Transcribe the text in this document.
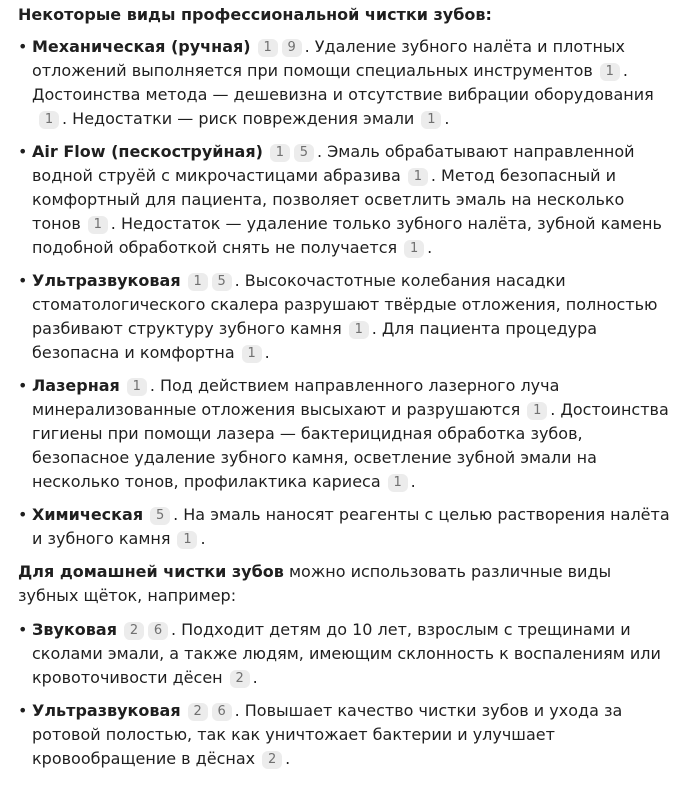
Некоторые виды профессиональной чистки зубов:

• Механическая (ручная) 1 9 . Удаление зубного налёта и плотных отложений выполняется при помощи специальных инструментов 1 . Достоинства метода — дешевизна и отсутствие вибрации оборудования1 . Недостатки — риск повреждения эмали 1 .
• Air Flow (пескоструйная) 1 5 . Эмаль обрабатывают направленной водной струёй с микрочастицами абразива 1 . Метод безопасный и комфортный для пациента, позволяет осветлить эмаль на несколько тонов 1 . Недостаток — удаление только зубного налёта, зубной камень подобной обработкой снять не получается 1 .
• Ультразвуковая 1 5 . Высокочастотные колебания насадки стоматологического скалера разрушают твёрдые отложения, полностью разбивают структуру зубного камня 1 . Для пациента процедура безопасна и комфортна 1 .
• Лазерная 1 . Под действием направленного лазерного луча минерализованные отложения высыхают и разрушаются 1 . Достоинства гигиены при помощи лазера — бактерицидная обработка зубов, безопасное удаление зубного камня, осветление зубной эмали на несколько тонов, профилактика кариеса 1 .
• Химическая 5 . На эмаль наносят реагенты с целью растворения налёта и зубного камня 1 .

Для домашней чистки зубов можно использовать различные виды зубных щёток, например:

• Звуковая 2 6 . Подходит детям до 10 лет, взрослым с трещинами и сколами эмали, а также людям, имеющим склонность к воспалениям или кровоточивости дёсен 2 .
• Ультразвуковая 2 6 . Повышает качество чистки зубов и ухода за ротовой полостью, так как уничтожает бактерии и улучшает кровообращение в дёснах 2 .
